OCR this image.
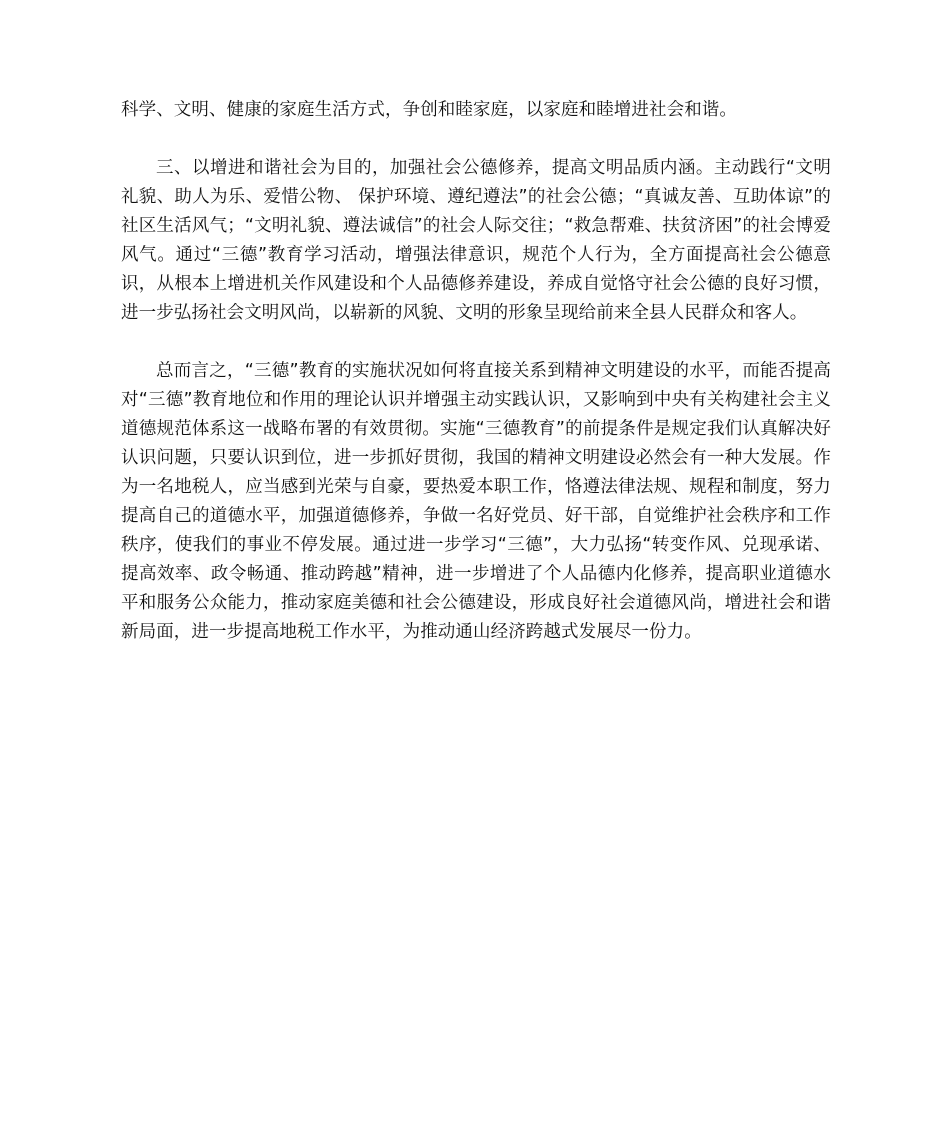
科学、文明、健康的家庭生活方式，争创和睦家庭，以家庭和睦增进社会和谐。

三、以增进和谐社会为目的，加强社会公德修养，提高文明品质内涵。主动践行“文明礼貌、助人为乐、爱惜公物、 保护环境、遵纪遵法”的社会公德；“真诚友善、互助体谅”的社区生活风气；“文明礼貌、遵法诚信”的社会人际交往；“救急帮难、扶贫济困”的社会博爱风气。通过“三德”教育学习活动，增强法律意识，规范个人行为，全方面提高社会公德意识，从根本上增进机关作风建设和个人品德修养建设，养成自觉恪守社会公德的良好习惯，进一步弘扬社会文明风尚，以崭新的风貌、文明的形象呈现给前来全县人民群众和客人。

总而言之，“三德”教育的实施状况如何将直接关系到精神文明建设的水平，而能否提高对“三德”教育地位和作用的理论认识并增强主动实践认识，又影响到中央有关构建社会主义道德规范体系这一战略布署的有效贯彻。实施“三德教育”的前提条件是规定我们认真解决好认识问题，只要认识到位，进一步抓好贯彻，我国的精神文明建设必然会有一种大发展。作为一名地税人，应当感到光荣与自豪，要热爱本职工作，恪遵法律法规、规程和制度，努力提高自己的道德水平，加强道德修养，争做一名好党员、好干部，自觉维护社会秩序和工作秩序，使我们的事业不停发展。通过进一步学习“三德”，大力弘扬“转变作风、兑现承诺、提高效率、政令畅通、推动跨越”精神，进一步增进了个人品德内化修养，提高职业道德水平和服务公众能力，推动家庭美德和社会公德建设，形成良好社会道德风尚，增进社会和谐新局面，进一步提高地税工作水平，为推动通山经济跨越式发展尽一份力。
